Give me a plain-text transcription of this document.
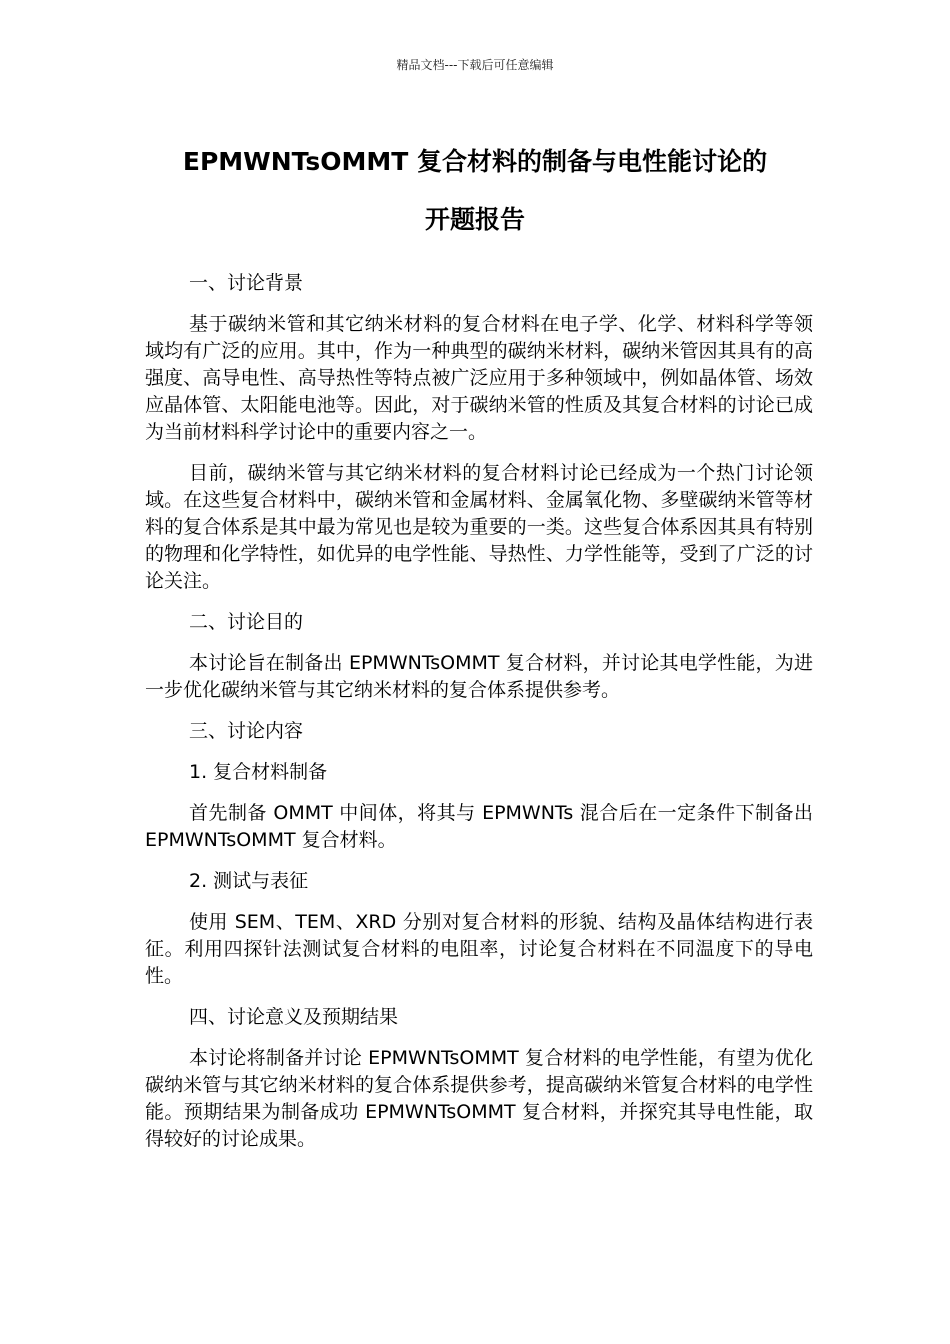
精品文档---下载后可任意编辑
EPMWNTsOMMT 复合材料的制备与电性能讨论的
开题报告

一、讨论背景

基于碳纳米管和其它纳米材料的复合材料在电子学、化学、材料科学等领域均有广泛的应用。其中，作为一种典型的碳纳米材料，碳纳米管因其具有的高强度、高导电性、高导热性等特点被广泛应用于多种领域中，例如晶体管、场效应晶体管、太阳能电池等。因此，对于碳纳米管的性质及其复合材料的讨论已成为当前材料科学讨论中的重要内容之一。

目前，碳纳米管与其它纳米材料的复合材料讨论已经成为一个热门讨论领域。在这些复合材料中，碳纳米管和金属材料、金属氧化物、多壁碳纳米管等材料的复合体系是其中最为常见也是较为重要的一类。这些复合体系因其具有特别的物理和化学特性，如优异的电学性能、导热性、力学性能等，受到了广泛的讨论关注。

二、讨论目的

本讨论旨在制备出 EPMWNTsOMMT 复合材料，并讨论其电学性能，为进一步优化碳纳米管与其它纳米材料的复合体系提供参考。

三、讨论内容

1. 复合材料制备

首先制备 OMMT 中间体，将其与 EPMWNTs 混合后在一定条件下制备出 EPMWNTsOMMT 复合材料。

2. 测试与表征

使用 SEM、TEM、XRD 分别对复合材料的形貌、结构及晶体结构进行表征。利用四探针法测试复合材料的电阻率，讨论复合材料在不同温度下的导电性。

四、讨论意义及预期结果

本讨论将制备并讨论 EPMWNTsOMMT 复合材料的电学性能，有望为优化碳纳米管与其它纳米材料的复合体系提供参考，提高碳纳米管复合材料的电学性能。预期结果为制备成功 EPMWNTsOMMT 复合材料，并探究其导电性能，取得较好的讨论成果。
